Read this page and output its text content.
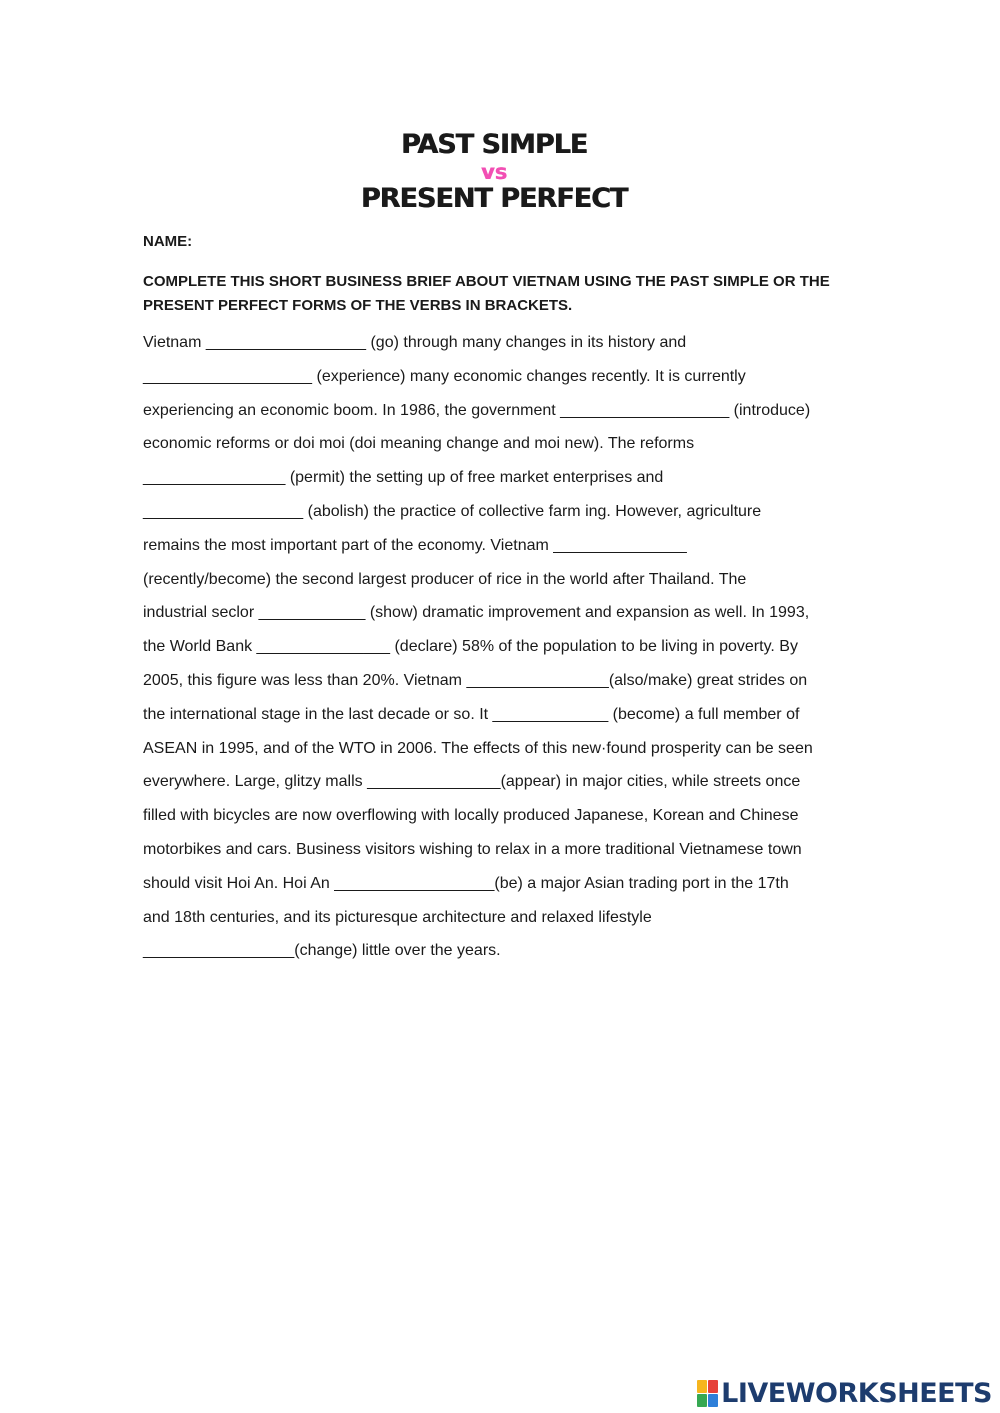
PAST SIMPLE
vs
PRESENT PERFECT
NAME:
COMPLETE THIS SHORT BUSINESS BRIEF ABOUT VIETNAM USING THE PAST SIMPLE OR THE PRESENT PERFECT FORMS OF THE VERBS IN BRACKETS.
Vietnam __________________ (go) through many changes in its history and
___________________ (experience) many economic changes recently. It is currently
experiencing an economic boom. In 1986, the government ___________________ (introduce)
economic reforms or doi moi (doi meaning change and moi new). The reforms
________________ (permit) the setting up of free market enterprises and
__________________ (abolish) the practice of collective farm ing. However, agriculture
remains the most important part of the economy. Vietnam _______________
(recently/become) the second largest producer of rice in the world after Thailand. The
industrial seclor ____________ (show) dramatic improvement and expansion as well. In 1993,
the World Bank _______________ (declare) 58% of the population to be living in poverty. By
2005, this figure was less than 20%. Vietnam ________________(also/make) great strides on
the international stage in the last decade or so. It _____________ (become) a full member of
ASEAN in 1995, and of the WTO in 2006. The effects of this new·found prosperity can be seen
everywhere. Large, glitzy malls _______________(appear) in major cities, while streets once
filled with bicycles are now overflowing with locally produced Japanese, Korean and Chinese
motorbikes and cars. Business visitors wishing to relax in a more traditional Vietnamese town
should visit Hoi An. Hoi An __________________(be) a major Asian trading port in the 17th
and 18th centuries, and its picturesque architecture and relaxed lifestyle
_________________(change) little over the years.
LIVEWORKSHEETS
